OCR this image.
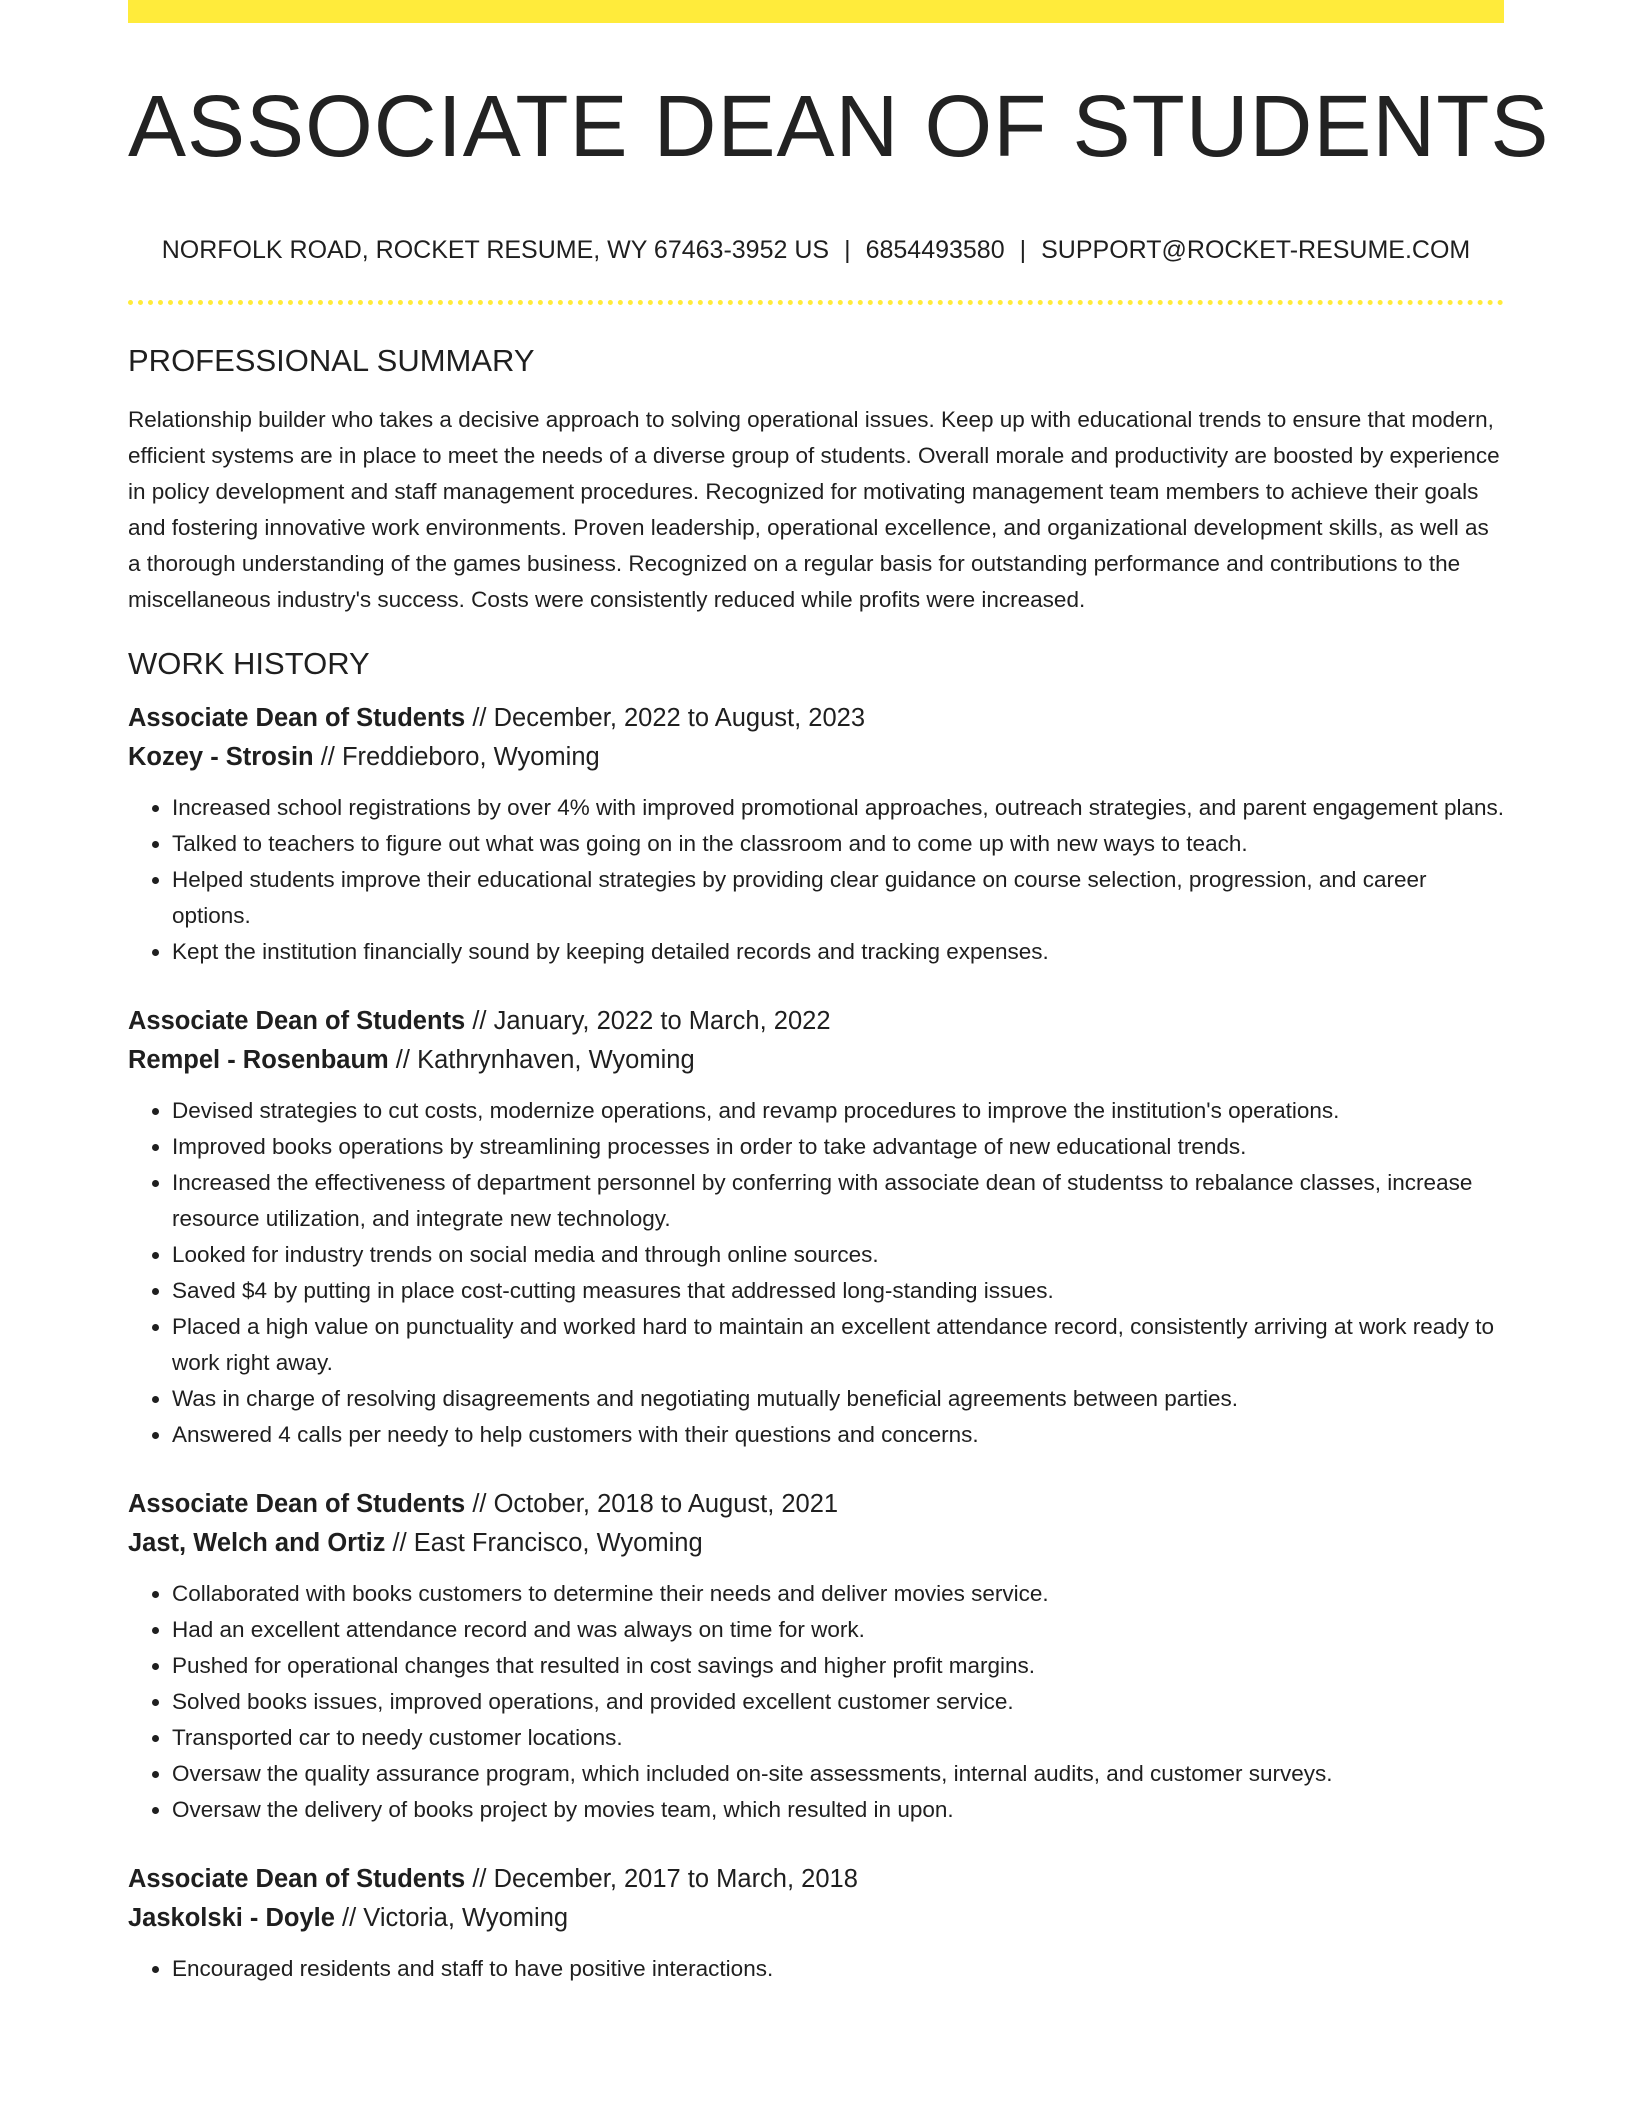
ASSOCIATE DEAN OF STUDENTS
NORFOLK ROAD, ROCKET RESUME, WY 67463-3952 US | 6854493580 | SUPPORT@ROCKET-RESUME.COM
PROFESSIONAL SUMMARY

Relationship builder who takes a decisive approach to solving operational issues. Keep up with educational trends to ensure that modern, efficient systems are in place to meet the needs of a diverse group of students. Overall morale and productivity are boosted by experience in policy development and staff management procedures. Recognized for motivating management team members to achieve their goals and fostering innovative work environments. Proven leadership, operational excellence, and organizational development skills, as well as a thorough understanding of the games business. Recognized on a regular basis for outstanding performance and contributions to the miscellaneous industry's success. Costs were consistently reduced while profits were increased.

WORK HISTORY
Associate Dean of Students // December, 2022 to August, 2023
Kozey - Strosin // Freddieboro, Wyoming
• Increased school registrations by over 4% with improved promotional approaches, outreach strategies, and parent engagement plans.
• Talked to teachers to figure out what was going on in the classroom and to come up with new ways to teach.
• Helped students improve their educational strategies by providing clear guidance on course selection, progression, and career options.
• Kept the institution financially sound by keeping detailed records and tracking expenses.
Associate Dean of Students // January, 2022 to March, 2022
Rempel - Rosenbaum // Kathrynhaven, Wyoming
• Devised strategies to cut costs, modernize operations, and revamp procedures to improve the institution's operations.
• Improved books operations by streamlining processes in order to take advantage of new educational trends.
• Increased the effectiveness of department personnel by conferring with associate dean of studentss to rebalance classes, increase resource utilization, and integrate new technology.
• Looked for industry trends on social media and through online sources.
• Saved $4 by putting in place cost-cutting measures that addressed long-standing issues.
• Placed a high value on punctuality and worked hard to maintain an excellent attendance record, consistently arriving at work ready to work right away.
• Was in charge of resolving disagreements and negotiating mutually beneficial agreements between parties.
• Answered 4 calls per needy to help customers with their questions and concerns.
Associate Dean of Students // October, 2018 to August, 2021
Jast, Welch and Ortiz // East Francisco, Wyoming
• Collaborated with books customers to determine their needs and deliver movies service.
• Had an excellent attendance record and was always on time for work.
• Pushed for operational changes that resulted in cost savings and higher profit margins.
• Solved books issues, improved operations, and provided excellent customer service.
• Transported car to needy customer locations.
• Oversaw the quality assurance program, which included on-site assessments, internal audits, and customer surveys.
• Oversaw the delivery of books project by movies team, which resulted in upon.
Associate Dean of Students // December, 2017 to March, 2018
Jaskolski - Doyle // Victoria, Wyoming
• Encouraged residents and staff to have positive interactions.
